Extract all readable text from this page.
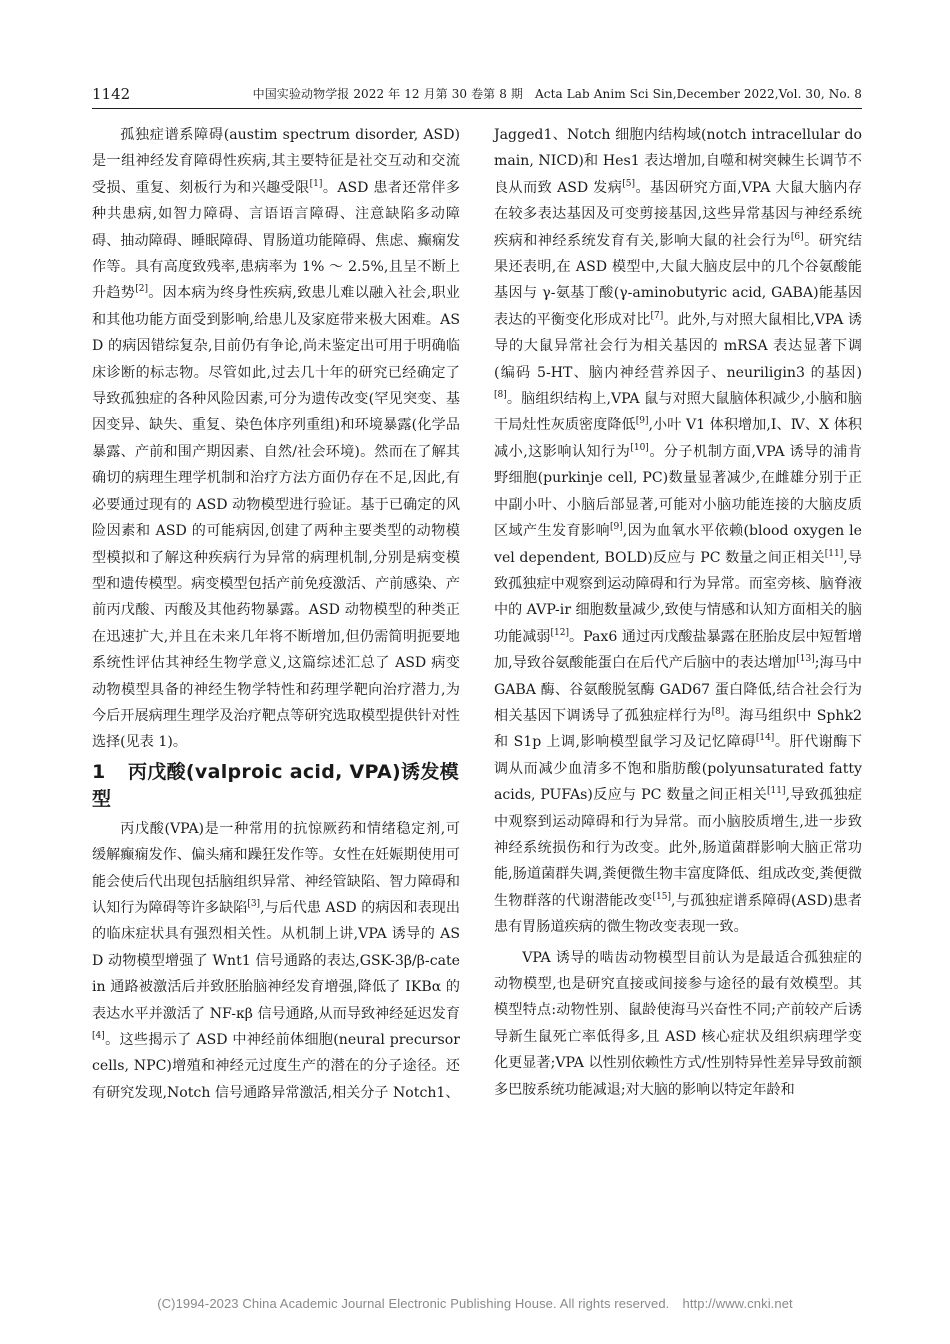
1142	中国实验动物学报 2022 年 12 月第 30 卷第 8 期　Acta Lab Anim Sci Sin,December 2022,Vol. 30, No. 8

孤独症谱系障碍(austim spectrum disorder, ASD)是一组神经发育障碍性疾病,其主要特征是社交互动和交流受损、重复、刻板行为和兴趣受限[1]。ASD 患者还常伴多种共患病,如智力障碍、言语语言障碍、注意缺陷多动障碍、抽动障碍、睡眠障碍、胃肠道功能障碍、焦虑、癫痫发作等。具有高度致残率,患病率为 1% ～ 2.5%,且呈不断上升趋势[2]。因本病为终身性疾病,致患儿难以融入社会,职业和其他功能方面受到影响,给患儿及家庭带来极大困难。ASD 的病因错综复杂,目前仍有争论,尚未鉴定出可用于明确临床诊断的标志物。尽管如此,过去几十年的研究已经确定了导致孤独症的各种风险因素,可分为遗传改变(罕见突变、基因变异、缺失、重复、染色体序列重组)和环境暴露(化学品暴露、产前和围产期因素、自然/社会环境)。然而在了解其确切的病理生理学机制和治疗方法方面仍存在不足,因此,有必要通过现有的 ASD 动物模型进行验证。基于已确定的风险因素和 ASD 的可能病因,创建了两种主要类型的动物模型模拟和了解这种疾病行为异常的病理机制,分别是病变模型和遗传模型。病变模型包括产前免疫激活、产前感染、产前丙戊酸、丙酸及其他药物暴露。ASD 动物模型的种类正在迅速扩大,并且在未来几年将不断增加,但仍需简明扼要地系统性评估其神经生物学意义,这篇综述汇总了 ASD 病变动物模型具备的神经生物学特性和药理学靶向治疗潜力,为今后开展病理生理学及治疗靶点等研究选取模型提供针对性选择(见表 1)。

1 丙戊酸(valproic acid, VPA)诱发模型

丙戊酸(VPA)是一种常用的抗惊厥药和情绪稳定剂,可缓解癫痫发作、偏头痛和躁狂发作等。女性在妊娠期使用可能会使后代出现包括脑组织异常、神经管缺陷、智力障碍和认知行为障碍等许多缺陷[3],与后代患 ASD 的病因和表现出的临床症状具有强烈相关性。从机制上讲,VPA 诱导的 ASD 动物模型增强了 Wnt1 信号通路的表达,GSK-3β/β-catein 通路被激活后并致胚胎脑神经发育增强,降低了 IKBα 的表达水平并激活了 NF-κβ 信号通路,从而导致神经延迟发育[4]。这些揭示了 ASD 中神经前体细胞(neural precursor cells, NPC)增殖和神经元过度生产的潜在的分子途径。还有研究发现,Notch 信号通路异常激活,相关分子 Notch1、

Jagged1、Notch 细胞内结构域(notch intracellular domain, NICD)和 Hes1 表达增加,自噬和树突棘生长调节不良从而致 ASD 发病[5]。基因研究方面,VPA 大鼠大脑内存在较多表达基因及可变剪接基因,这些异常基因与神经系统疾病和神经系统发育有关,影响大鼠的社会行为[6]。研究结果还表明,在 ASD 模型中,大鼠大脑皮层中的几个谷氨酸能基因与 γ-氨基丁酸(γ-aminobutyric acid, GABA)能基因表达的平衡变化形成对比[7]。此外,与对照大鼠相比,VPA 诱导的大鼠异常社会行为相关基因的 mRSA 表达显著下调(编码 5-HT、脑内神经营养因子、neuriligin3 的基因)[8]。脑组织结构上,VPA 鼠与对照大鼠脑体积减少,小脑和脑干局灶性灰质密度降低[9],小叶 V1 体积增加,Ⅰ、Ⅳ、Ⅹ 体积减小,这影响认知行为[10]。分子机制方面,VPA 诱导的浦肯野细胞(purkinje cell, PC)数量显著减少,在雌雄分别于正中副小叶、小脑后部显著,可能对小脑功能连接的大脑皮质区域产生发育影响[9],因为血氧水平依赖(blood oxygen level dependent, BOLD)反应与 PC 数量之间正相关[11],导致孤独症中观察到运动障碍和行为异常。而室旁核、脑脊液中的 AVP-ir 细胞数量减少,致使与情感和认知方面相关的脑功能减弱[12]。Pax6 通过丙戊酸盐暴露在胚胎皮层中短暂增加,导致谷氨酸能蛋白在后代产后脑中的表达增加[13];海马中 GABA 酶、谷氨酸脱氢酶 GAD67 蛋白降低,结合社会行为相关基因下调诱导了孤独症样行为[8]。海马组织中 Sphk2 和 S1p 上调,影响模型鼠学习及记忆障碍[14]。肝代谢酶下调从而减少血清多不饱和脂肪酸(polyunsaturated fatty acids, PUFAs)反应与 PC 数量之间正相关[11],导致孤独症中观察到运动障碍和行为异常。而小脑胶质增生,进一步致神经系统损伤和行为改变。此外,肠道菌群影响大脑正常功能,肠道菌群失调,粪便微生物丰富度降低、组成改变,粪便微生物群落的代谢潜能改变[15],与孤独症谱系障碍(ASD)患者患有胃肠道疾病的微生物改变表现一致。

VPA 诱导的啮齿动物模型目前认为是最适合孤独症的动物模型,也是研究直接或间接参与途径的最有效模型。其模型特点:动物性别、鼠龄使海马兴奋性不同;产前较产后诱导新生鼠死亡率低得多,且 ASD 核心症状及组织病理学变化更显著;VPA 以性别依赖性方式/性别特异性差异导致前额多巴胺系统功能减退;对大脑的影响以特定年龄和

(C)1994-2023 China Academic Journal Electronic Publishing House. All rights reserved.  http://www.cnki.net
